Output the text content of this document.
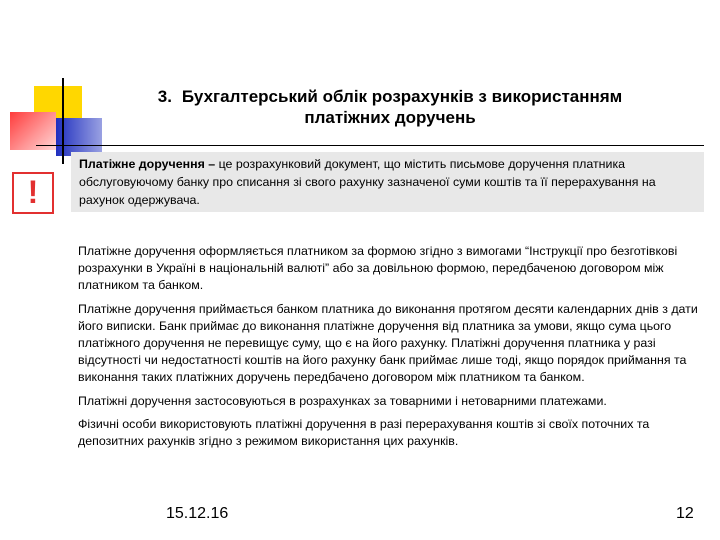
3. Бухгалтерський облік розрахунків з використанням
платіжних доручень
!
Платіжне доручення – це розрахунковий документ, що містить письмове доручення платника обслуговуючому банку про списання зі свого рахунку зазначеної суми коштів та її перерахування на рахунок одержувача.

Платіжне доручення оформляється платником за формою згідно з вимогами “Інструкції про безготівкові розрахунки в Україні в національній валюті” або за довільною формою, передбаченою договором між платником та банком.

Платіжне доручення приймається банком платника до виконання протягом десяти календарних днів з дати його виписки. Банк приймає до виконання платіжне доручення від платника за умови, якщо сума цього платіжного доручення не перевищує суму, що є на його рахунку. Платіжні доручення платника у разі відсутності чи недостатності коштів на його рахунку банк приймає лише тоді, якщо порядок приймання та виконання таких платіжних доручень передбачено договором між платником та банком.

Платіжні доручення застосовуються в розрахунках за товарними і нетоварними платежами.

Фізичні особи використовують платіжні доручення в разі перерахування коштів зі своїх поточних та депозитних рахунків згідно з режимом використання цих рахунків.

15.12.16	12
